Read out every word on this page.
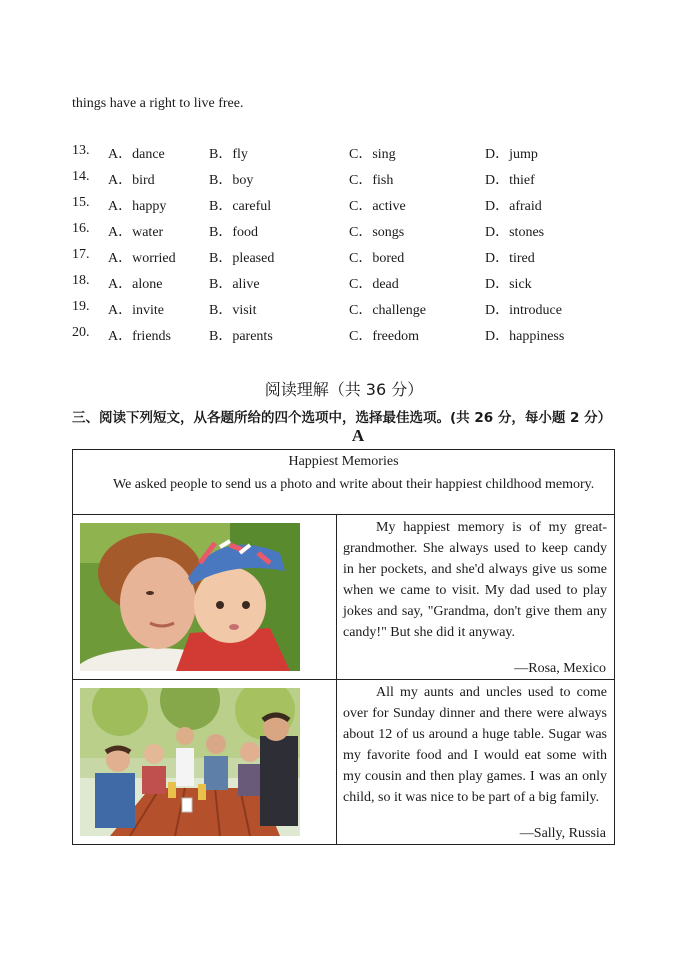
things have a right to live free.
13. A．dance	B．fly	C．sing	D．jump
14. A．bird	B．boy	C．fish	D．thief
15. A．happy	B．careful	C．active	D．afraid
16. A．water	B．food	C．songs	D．stones
17. A．worried B．pleased	C．bored	D．tired
18. A．alone	B．alive	C．dead	D．sick
19. A．invite	B．visit	C．challenge	D．introduce
20. A．friends	B．parents	C．freedom	D．happiness
阅读理解（共 36 分）
三、阅读下列短文，从各题所给的四个选项中，选择最佳选项。(共 26 分，每小题 2 分）
A
Happiest Memories
We asked people to send us a photo and write about their happiest childhood memory.
My happiest memory is of my great-grandmother. She always used to keep candy in her pockets, and she'd always give us some when we came to visit. My dad used to play jokes and say, "Grandma, don't give them any candy!" But she did it anyway.
—Rosa, Mexico
All my aunts and uncles used to come over for Sunday dinner and there were always about 12 of us around a huge table. Sugar was my favorite food and I would eat some with my cousin and then play games. I was an only child, so it was nice to be part of a big family.
—Sally, Russia
